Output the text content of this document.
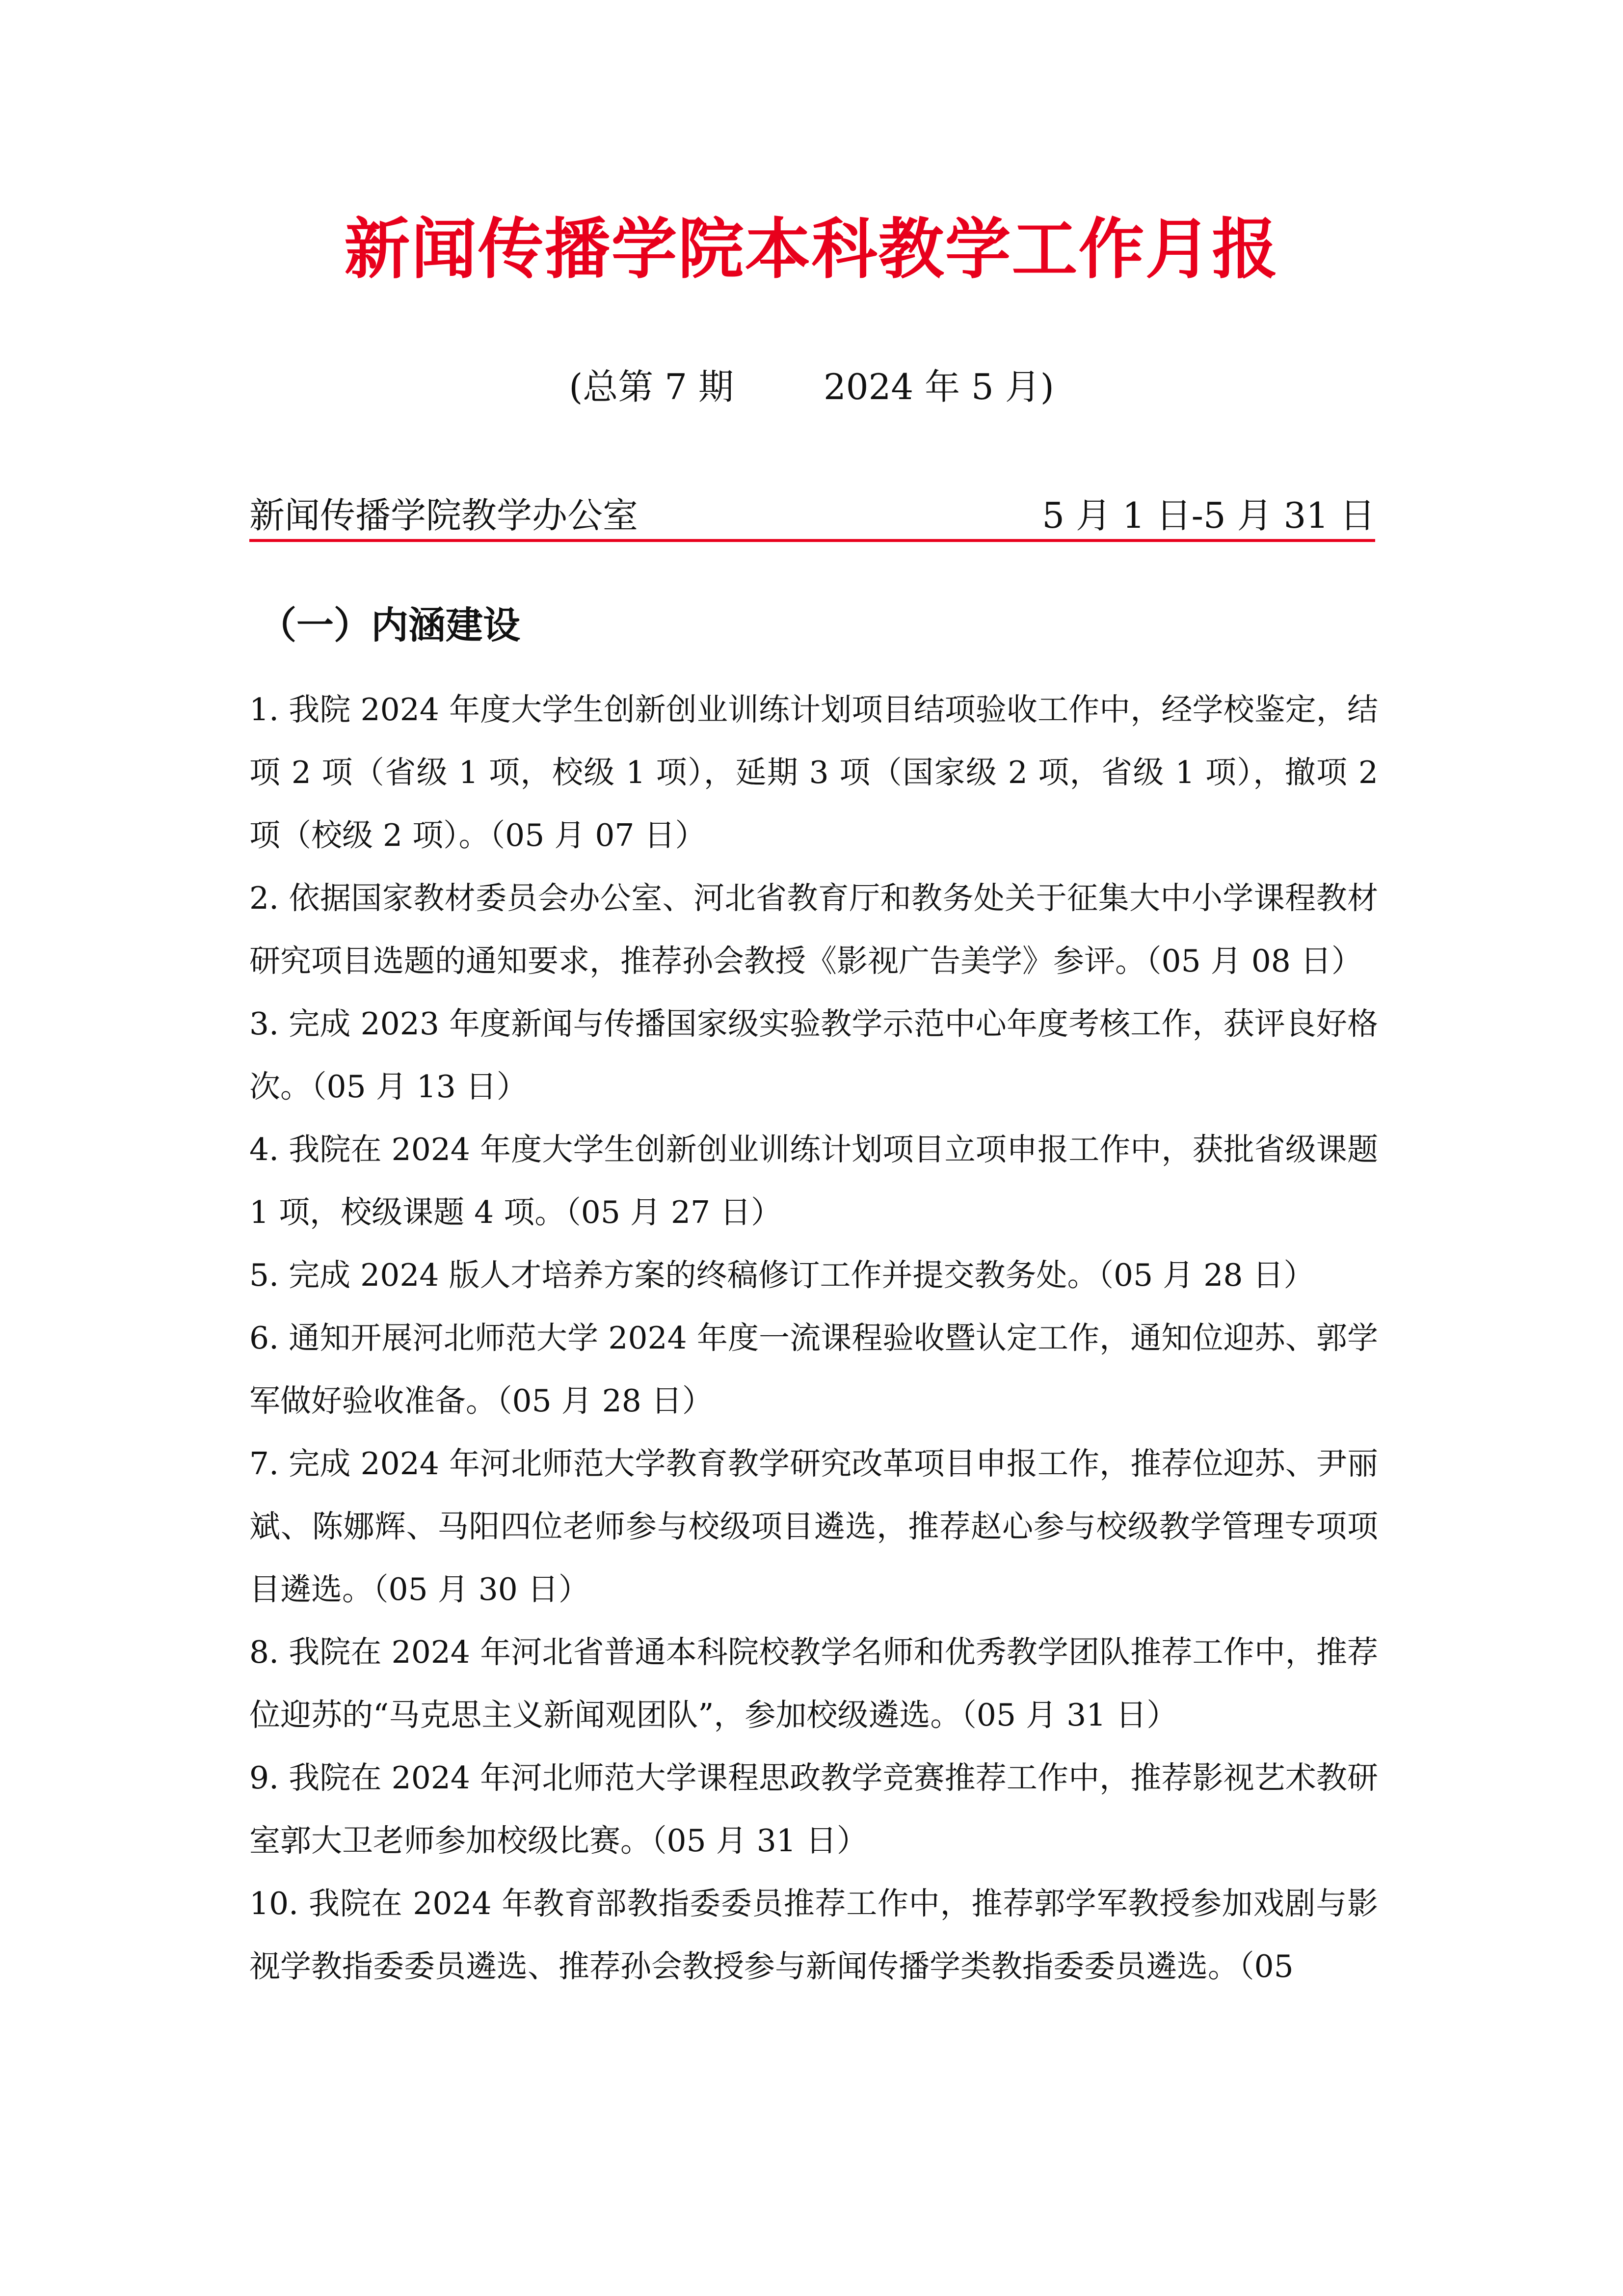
新闻传播学院本科教学工作月报
(总第 7 期        2024 年 5 月)
新闻传播学院教学办公室	5 月 1 日-5 月 31 日
（一）内涵建设

1. 我院 2024 年度大学生创新创业训练计划项目结项验收工作中，经学校鉴定，结项 2 项（省级 1 项，校级 1 项），延期 3 项（国家级 2 项，省级 1 项），撤项 2 项（校级 2 项）。（05 月 07 日）

2. 依据国家教材委员会办公室、河北省教育厅和教务处关于征集大中小学课程教材研究项目选题的通知要求，推荐孙会教授《影视广告美学》参评。（05 月 08 日）

3. 完成 2023 年度新闻与传播国家级实验教学示范中心年度考核工作，获评良好格次。（05 月 13 日）

4. 我院在 2024 年度大学生创新创业训练计划项目立项申报工作中，获批省级课题 1 项，校级课题 4 项。（05 月 27 日）

5. 完成 2024 版人才培养方案的终稿修订工作并提交教务处。（05 月 28 日）

6. 通知开展河北师范大学 2024 年度一流课程验收暨认定工作，通知位迎苏、郭学军做好验收准备。（05 月 28 日）

7. 完成 2024 年河北师范大学教育教学研究改革项目申报工作，推荐位迎苏、尹丽斌、陈娜辉、马阳四位老师参与校级项目遴选，推荐赵心参与校级教学管理专项项目遴选。（05 月 30 日）

8. 我院在 2024 年河北省普通本科院校教学名师和优秀教学团队推荐工作中，推荐位迎苏的“马克思主义新闻观团队”，参加校级遴选。（05 月 31 日）

9. 我院在 2024 年河北师范大学课程思政教学竞赛推荐工作中，推荐影视艺术教研室郭大卫老师参加校级比赛。（05 月 31 日）

10. 我院在 2024 年教育部教指委委员推荐工作中，推荐郭学军教授参加戏剧与影视学教指委委员遴选、推荐孙会教授参与新闻传播学类教指委委员遴选。（05
